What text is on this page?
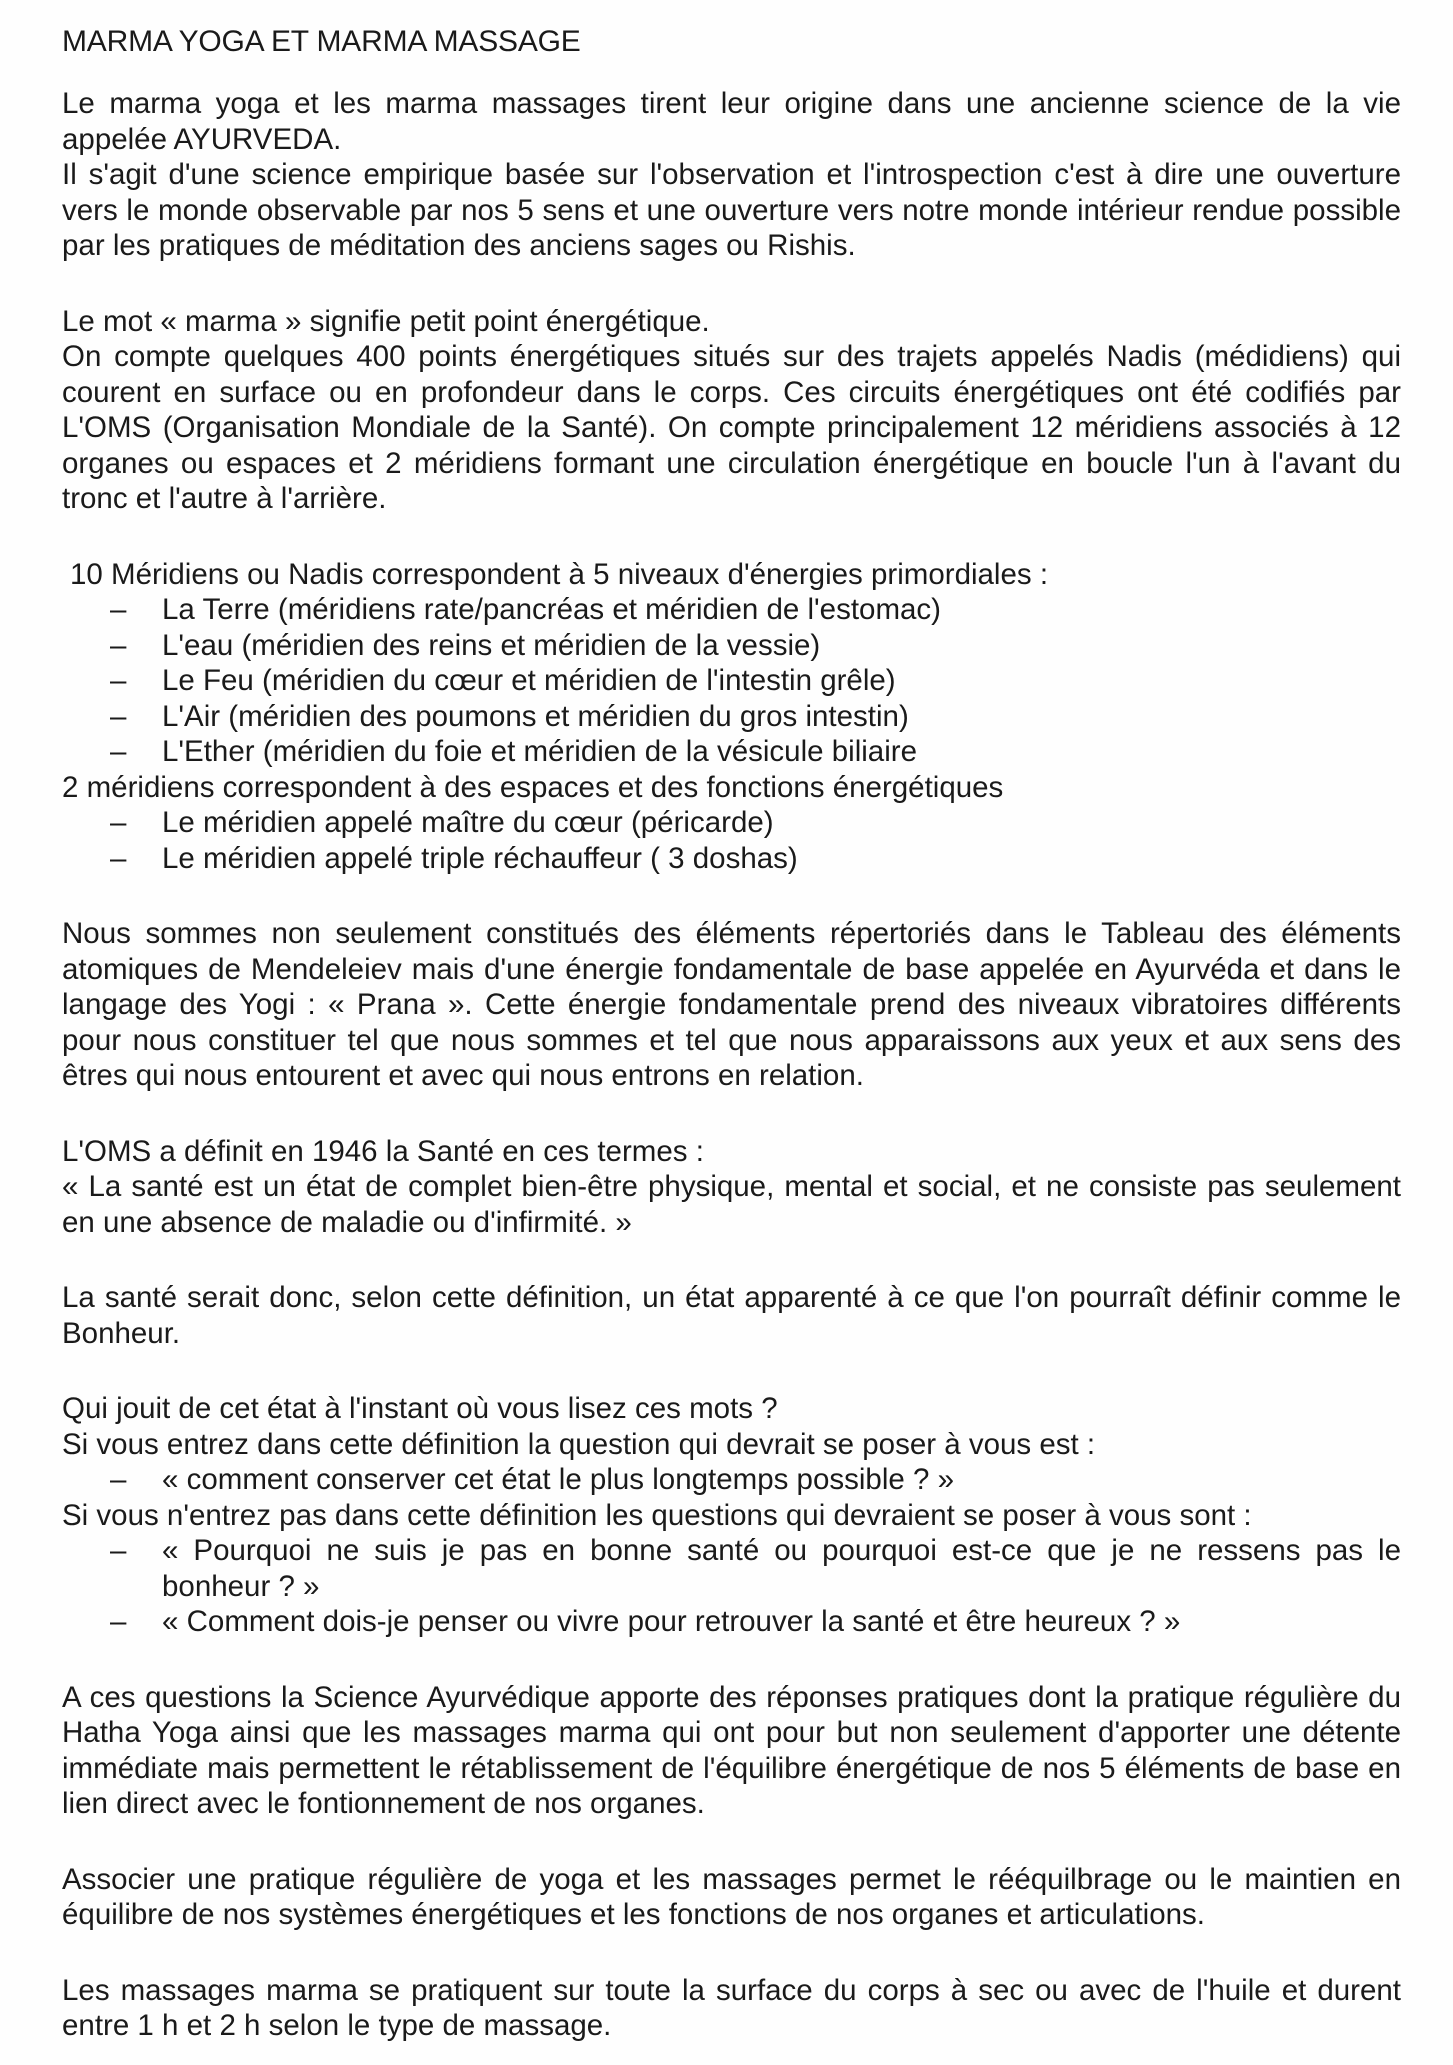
MARMA YOGA ET MARMA MASSAGE
Le marma yoga et les marma massages tirent leur origine dans une ancienne science de la vie appelée AYURVEDA.
Il s'agit d'une science empirique basée sur l'observation et l'introspection c'est à dire une ouverture vers le monde observable par nos 5 sens et une ouverture vers notre monde intérieur rendue possible par les pratiques de méditation des anciens sages ou Rishis.
Le mot « marma » signifie petit point énergétique.
On compte quelques 400 points énergétiques situés sur des trajets appelés Nadis (médidiens) qui courent en surface ou en profondeur dans le corps. Ces circuits énergétiques ont été codifiés par L'OMS (Organisation Mondiale de la Santé). On compte principalement 12 méridiens associés à 12 organes ou espaces et 2 méridiens formant une circulation énergétique en boucle l'un à l'avant du tronc et l'autre à l'arrière.
10 Méridiens ou Nadis correspondent à 5 niveaux d'énergies primordiales :
– La Terre (méridiens rate/pancréas et méridien de l'estomac)
– L'eau (méridien des reins et méridien de la vessie)
– Le Feu (méridien du cœur et méridien de l'intestin grêle)
– L'Air (méridien des poumons et méridien du gros intestin)
– L'Ether (méridien du foie et méridien de la vésicule biliaire
2 méridiens correspondent à des espaces et des fonctions énergétiques
– Le méridien appelé maître du cœur (péricarde)
– Le méridien appelé triple réchauffeur ( 3 doshas)
Nous sommes non seulement constitués des éléments répertoriés dans le Tableau des éléments atomiques de Mendeleiev mais d'une énergie fondamentale de base appelée en Ayurvéda et dans le langage des Yogi : « Prana ». Cette énergie fondamentale prend des niveaux vibratoires différents pour nous constituer tel que nous sommes et tel que nous apparaissons aux yeux et aux sens des êtres qui nous entourent et avec qui nous entrons en relation.
L'OMS a définit en 1946 la Santé en ces termes :
« La santé est un état de complet bien-être physique, mental et social, et ne consiste pas seulement en une absence de maladie ou d'infirmité. »
La santé serait donc, selon cette définition, un état apparenté à ce que l'on pourraît définir comme le Bonheur.
Qui jouit de cet état à l'instant où vous lisez ces mots ?
Si vous entrez dans cette définition la question qui devrait se poser à vous est :
– « comment conserver cet état le plus longtemps possible ? »
Si vous n'entrez pas dans cette définition les questions qui devraient se poser à vous sont :
– « Pourquoi ne suis je pas en bonne santé ou pourquoi est-ce que je ne ressens pas le bonheur ? »
– « Comment dois-je penser ou vivre pour retrouver la santé et être heureux ? »
A ces questions la Science Ayurvédique apporte des réponses pratiques dont la pratique régulière du Hatha Yoga ainsi que les massages marma qui ont pour but non seulement d'apporter une détente immédiate mais permettent le rétablissement de l'équilibre énergétique de nos 5 éléments de base en lien direct avec le fontionnement de nos organes.
Associer une pratique régulière de yoga et les massages permet le rééquilbrage ou le maintien en équilibre de nos systèmes énergétiques et les fonctions de nos organes et articulations.
Les massages marma se pratiquent sur toute la surface du corps à sec ou avec de l'huile et durent entre 1 h et 2 h selon le type de massage.
